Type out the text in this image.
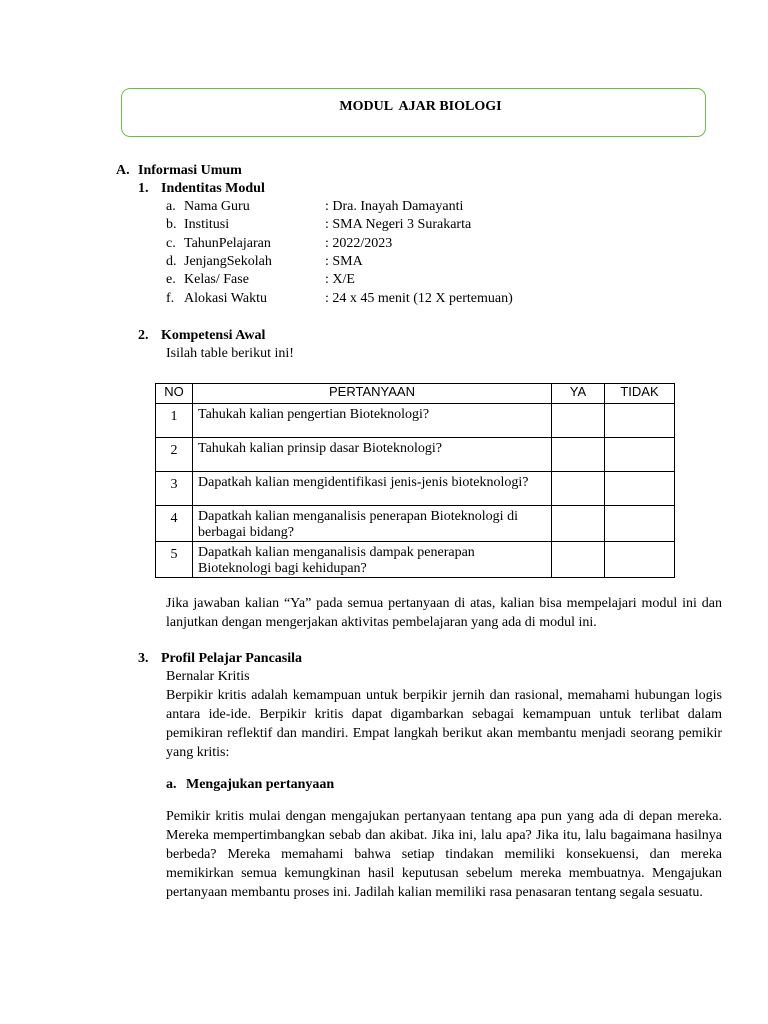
MODUL  AJAR BIOLOGI
A. Informasi Umum
1. Indentitas Modul
a. Nama Guru	: Dra. Inayah Damayanti
b. Institusi	: SMA Negeri 3 Surakarta
c. TahunPelajaran	: 2022/2023
d. JenjangSekolah	: SMA
e. Kelas/ Fase	: X/E
f. Alokasi Waktu	: 24 x 45 menit (12 X pertemuan)
2. Kompetensi Awal
Isilah table berikut ini!
NO	PERTANYAAN	YA	TIDAK
1	Tahukah kalian pengertian Bioteknologi?		
2	Tahukah kalian prinsip dasar Bioteknologi?		
3	Dapatkah kalian mengidentifikasi jenis-jenis bioteknologi?		
4	Dapatkah kalian menganalisis penerapan Bioteknologi di berbagai bidang?		
5	Dapatkah kalian menganalisis dampak penerapan Bioteknologi bagi kehidupan?		
Jika jawaban kalian “Ya” pada semua pertanyaan di atas, kalian bisa mempelajari modul ini dan lanjutkan dengan mengerjakan aktivitas pembelajaran yang ada di modul ini.
3. Profil Pelajar Pancasila
Bernalar Kritis
Berpikir kritis adalah kemampuan untuk berpikir jernih dan rasional, memahami hubungan logis antara ide-ide. Berpikir kritis dapat digambarkan sebagai kemampuan untuk terlibat dalam pemikiran reflektif dan mandiri. Empat langkah berikut akan membantu menjadi seorang pemikir yang kritis:
a. Mengajukan pertanyaan
Pemikir kritis mulai dengan mengajukan pertanyaan tentang apa pun yang ada di depan mereka. Mereka mempertimbangkan sebab dan akibat. Jika ini, lalu apa? Jika itu, lalu bagaimana hasilnya berbeda? Mereka memahami bahwa setiap tindakan memiliki konsekuensi, dan mereka memikirkan semua kemungkinan hasil keputusan sebelum mereka membuatnya. Mengajukan pertanyaan membantu proses ini. Jadilah kalian memiliki rasa penasaran tentang segala sesuatu.
